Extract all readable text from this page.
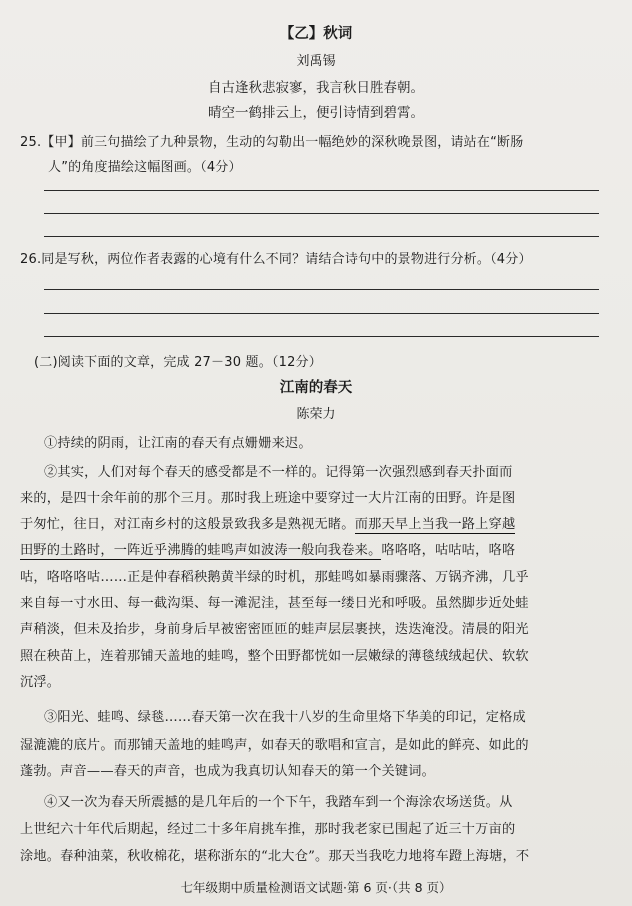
【乙】秋词
刘禹锡
自古逢秋悲寂寥，我言秋日胜春朝。
晴空一鹤排云上，便引诗情到碧霄。
25.【甲】前三句描绘了九种景物，生动的勾勒出一幅绝妙的深秋晚景图，请站在“断肠
人”的角度描绘这幅图画。（4分）
26.同是写秋，两位作者表露的心境有什么不同？请结合诗句中的景物进行分析。（4分）
(二)阅读下面的文章，完成 27－30 题。（12分）
江南的春天
陈荣力
①持续的阴雨，让江南的春天有点姗姗来迟。
②其实，人们对每个春天的感受都是不一样的。记得第一次强烈感到春天扑面而
来的，是四十余年前的那个三月。那时我上班途中要穿过一大片江南的田野。许是图
于匆忙，往日，对江南乡村的这般景致我多是熟视无睹。而那天早上当我一路上穿越
田野的土路时，一阵近乎沸腾的蛙鸣声如波涛一般向我卷来。咯咯咯，咕咕咕，咯咯
咕，咯咯咯咕……正是仲春稻秧鹅黄半绿的时机，那蛙鸣如暴雨骤落、万锅齐沸，几乎
来自每一寸水田、每一截沟渠、每一滩泥洼，甚至每一缕日光和呼吸。虽然脚步近处蛙
声稍淡，但未及抬步，身前身后早被密密匝匝的蛙声层层裹挟，迭迭淹没。清晨的阳光
照在秧苗上，连着那铺天盖地的蛙鸣，整个田野都恍如一层嫩绿的薄毯绒绒起伏、软软
沉浮。
③阳光、蛙鸣、绿毯……春天第一次在我十八岁的生命里烙下华美的印记，定格成
湿漉漉的底片。而那铺天盖地的蛙鸣声，如春天的歌唱和宣言，是如此的鲜亮、如此的
蓬勃。声音——春天的声音，也成为我真切认知春天的第一个关键词。
④又一次为春天所震撼的是几年后的一个下午，我踏车到一个海涂农场送货。从
上世纪六十年代后期起，经过二十多年肩挑车推，那时我老家已围起了近三十万亩的
涂地。春种油菜，秋收棉花，堪称浙东的“北大仓”。那天当我吃力地将车蹬上海塘，不
七年级期中质量检测语文试题·第 6 页·（共 8 页）
